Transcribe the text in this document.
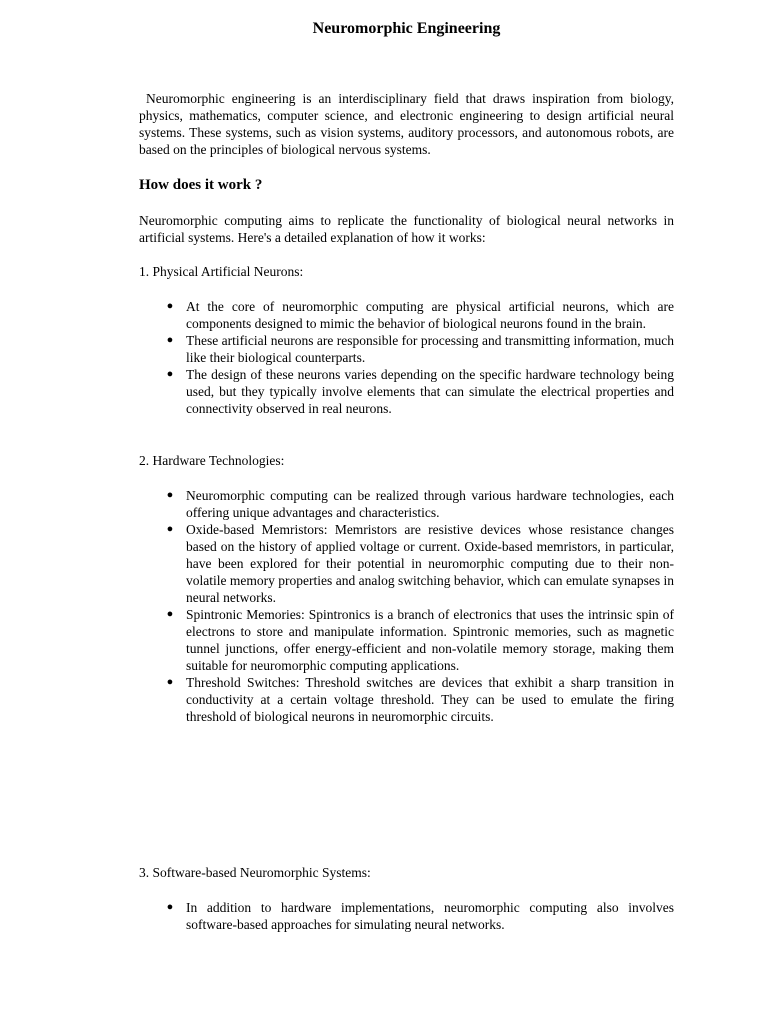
Neuromorphic Engineering
Neuromorphic engineering is an interdisciplinary field that draws inspiration from biology, physics, mathematics, computer science, and electronic engineering to design artificial neural systems. These systems, such as vision systems, auditory processors, and autonomous robots, are based on the principles of biological nervous systems.
How does it work ?
Neuromorphic computing aims to replicate the functionality of biological neural networks in artificial systems. Here's a detailed explanation of how it works:
1. Physical Artificial Neurons:
● At the core of neuromorphic computing are physical artificial neurons, which are components designed to mimic the behavior of biological neurons found in the brain.
● These artificial neurons are responsible for processing and transmitting information, much like their biological counterparts.
● The design of these neurons varies depending on the specific hardware technology being used, but they typically involve elements that can simulate the electrical properties and connectivity observed in real neurons.
2. Hardware Technologies:
● Neuromorphic computing can be realized through various hardware technologies, each offering unique advantages and characteristics.
● Oxide-based Memristors: Memristors are resistive devices whose resistance changes based on the history of applied voltage or current. Oxide-based memristors, in particular, have been explored for their potential in neuromorphic computing due to their non-volatile memory properties and analog switching behavior, which can emulate synapses in neural networks.
● Spintronic Memories: Spintronics is a branch of electronics that uses the intrinsic spin of electrons to store and manipulate information. Spintronic memories, such as magnetic tunnel junctions, offer energy-efficient and non-volatile memory storage, making them suitable for neuromorphic computing applications.
● Threshold Switches: Threshold switches are devices that exhibit a sharp transition in conductivity at a certain voltage threshold. They can be used to emulate the firing threshold of biological neurons in neuromorphic circuits.
3. Software-based Neuromorphic Systems:
● In addition to hardware implementations, neuromorphic computing also involves software-based approaches for simulating neural networks.
